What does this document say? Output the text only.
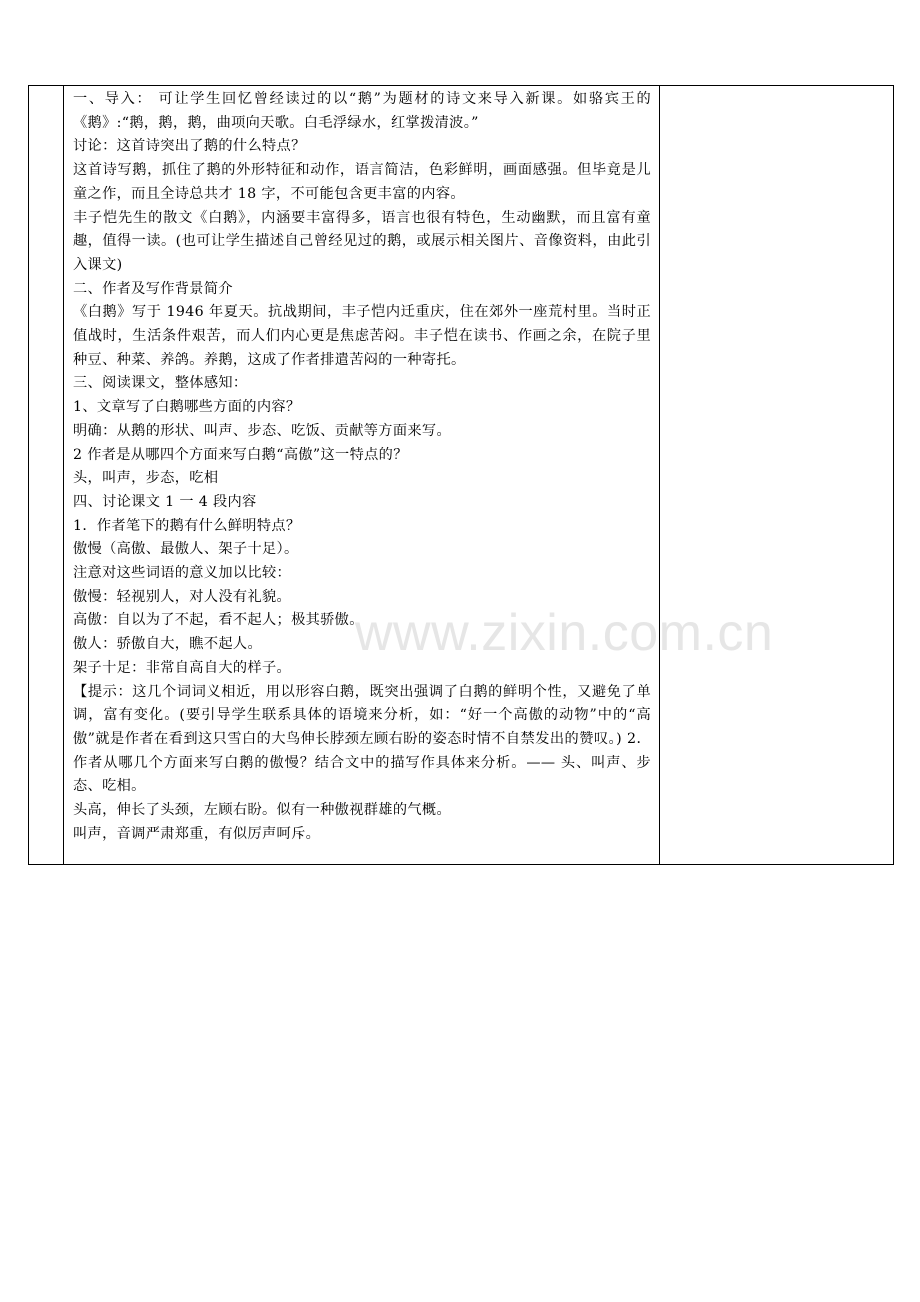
一、导入： 可让学生回忆曾经读过的以“鹅”为题材的诗文来导入新课。如骆宾王的《鹅》:“鹅，鹅，鹅，曲项向天歌。白毛浮绿水，红掌拨清波。”

讨论：这首诗突出了鹅的什么特点？

这首诗写鹅，抓住了鹅的外形特征和动作，语言简洁，色彩鲜明，画面感强。但毕竟是儿童之作，而且全诗总共才 18 字，不可能包含更丰富的内容。

丰子恺先生的散文《白鹅》，内涵要丰富得多，语言也很有特色，生动幽默，而且富有童趣，值得一读。(也可让学生描述自己曾经见过的鹅，或展示相关图片、音像资料，由此引入课文)

二、作者及写作背景简介

《白鹅》写于 1946 年夏天。抗战期间，丰子恺内迁重庆，住在郊外一座荒村里。当时正值战时，生活条件艰苦，而人们内心更是焦虑苦闷。丰子恺在读书、作画之余，在院子里种豆、种菜、养鸽。养鹅，这成了作者排遣苦闷的一种寄托。

三、阅读课文，整体感知：

1、文章写了白鹅哪些方面的内容？

明确：从鹅的形状、叫声、步态、吃饭、贡献等方面来写。

2 作者是从哪四个方面来写白鹅“高傲”这一特点的？

头，叫声，步态，吃相

四、讨论课文 1 一 4 段内容

1．作者笔下的鹅有什么鲜明特点？

傲慢（高傲、最傲人、架子十足）。

注意对这些词语的意义加以比较：

傲慢：轻视别人，对人没有礼貌。

高傲：自以为了不起，看不起人；极其骄傲。

傲人：骄傲自大，瞧不起人。

架子十足：非常自高自大的样子。

【提示：这几个词词义相近，用以形容白鹅，既突出强调了白鹅的鲜明个性，又避免了单调，富有变化。(要引导学生联系具体的语境来分析，如：“好一个高傲的动物”中的“高傲”就是作者在看到这只雪白的大鸟伸长脖颈左顾右盼的姿态时情不自禁发出的赞叹。) 2．作者从哪几个方面来写白鹅的傲慢？结合文中的描写作具体来分析。—— 头、叫声、步态、吃相。

头高，伸长了头颈，左顾右盼。似有一种傲视群雄的气概。

叫声，音调严肃郑重，有似厉声呵斥。

www.zixin.com.cn
